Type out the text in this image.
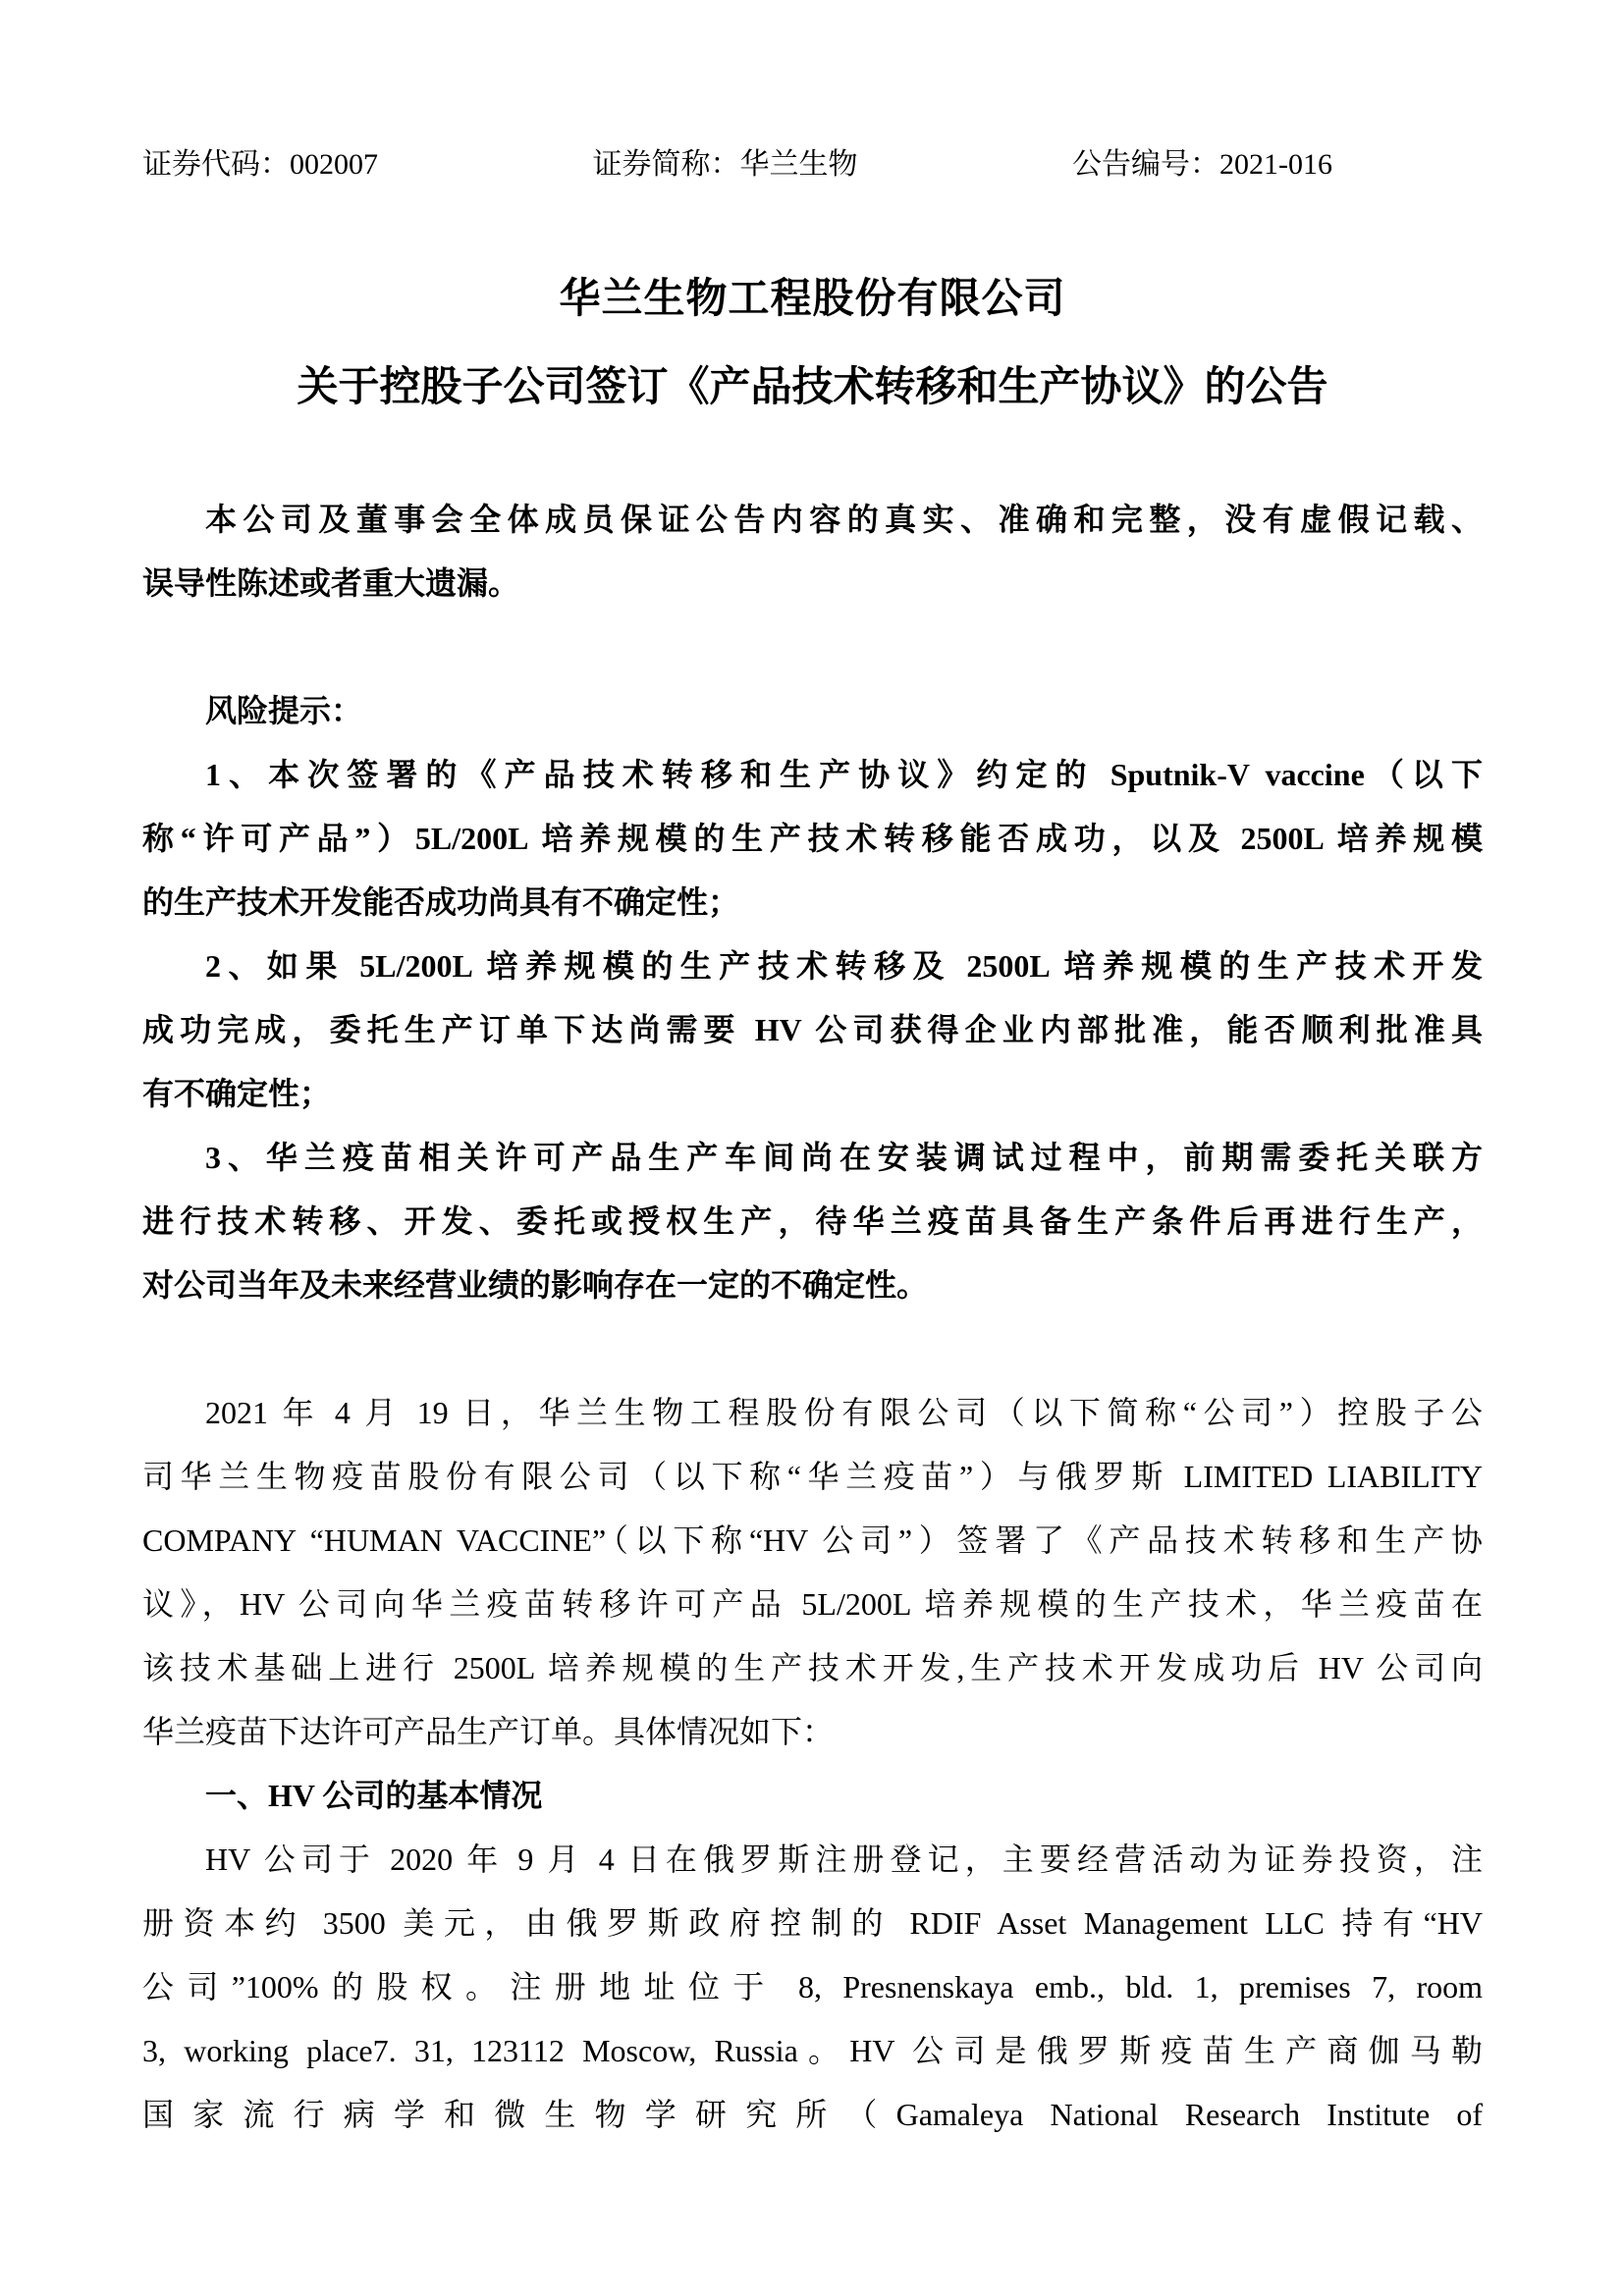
证券代码：002007	证券简称：华兰生物	公告编号：2021-016
华兰生物工程股份有限公司
关于控股子公司签订《产品技术转移和生产协议》的公告
本公司及董事会全体成员保证公告内容的真实、准确和完整，没有虚假记载、
误导性陈述或者重大遗漏。
风险提示：
1、本次签署的《产品技术转移和生产协议》约定的 Sputnik-V vaccine（以下
称“许可产品”）5L/200L 培养规模的生产技术转移能否成功，以及 2500L 培养规模
的生产技术开发能否成功尚具有不确定性；
2、如果 5L/200L 培养规模的生产技术转移及 2500L 培养规模的生产技术开发
成功完成，委托生产订单下达尚需要 HV 公司获得企业内部批准，能否顺利批准具
有不确定性；
3、华兰疫苗相关许可产品生产车间尚在安装调试过程中，前期需委托关联方
进行技术转移、开发、委托或授权生产，待华兰疫苗具备生产条件后再进行生产，
对公司当年及未来经营业绩的影响存在一定的不确定性。
2021 年 4 月 19 日，华兰生物工程股份有限公司（以下简称“公司”）控股子公
司华兰生物疫苗股份有限公司（以下称“华兰疫苗”）与俄罗斯 LIMITED LIABILITY
COMPANY “HUMAN VACCINE”（以下称“HV 公司”）签署了《产品技术转移和生产协
议》，HV 公司向华兰疫苗转移许可产品 5L/200L 培养规模的生产技术，华兰疫苗在
该技术基础上进行 2500L 培养规模的生产技术开发,生产技术开发成功后 HV 公司向
华兰疫苗下达许可产品生产订单。具体情况如下：
一、HV 公司的基本情况
HV 公司于 2020 年 9 月 4 日在俄罗斯注册登记，主要经营活动为证券投资，注
册资本约 3500 美元，由俄罗斯政府控制的 RDIF Asset Management LLC 持有“HV
公司”100%的股权。注册地址位于 8, Presnenskaya emb., bld. 1, premises 7, room
3, working place7. 31, 123112 Moscow, Russia。HV 公司是俄罗斯疫苗生产商伽马勒
国家流行病学和微生物学研究所（Gamaleya National Research Institute of
